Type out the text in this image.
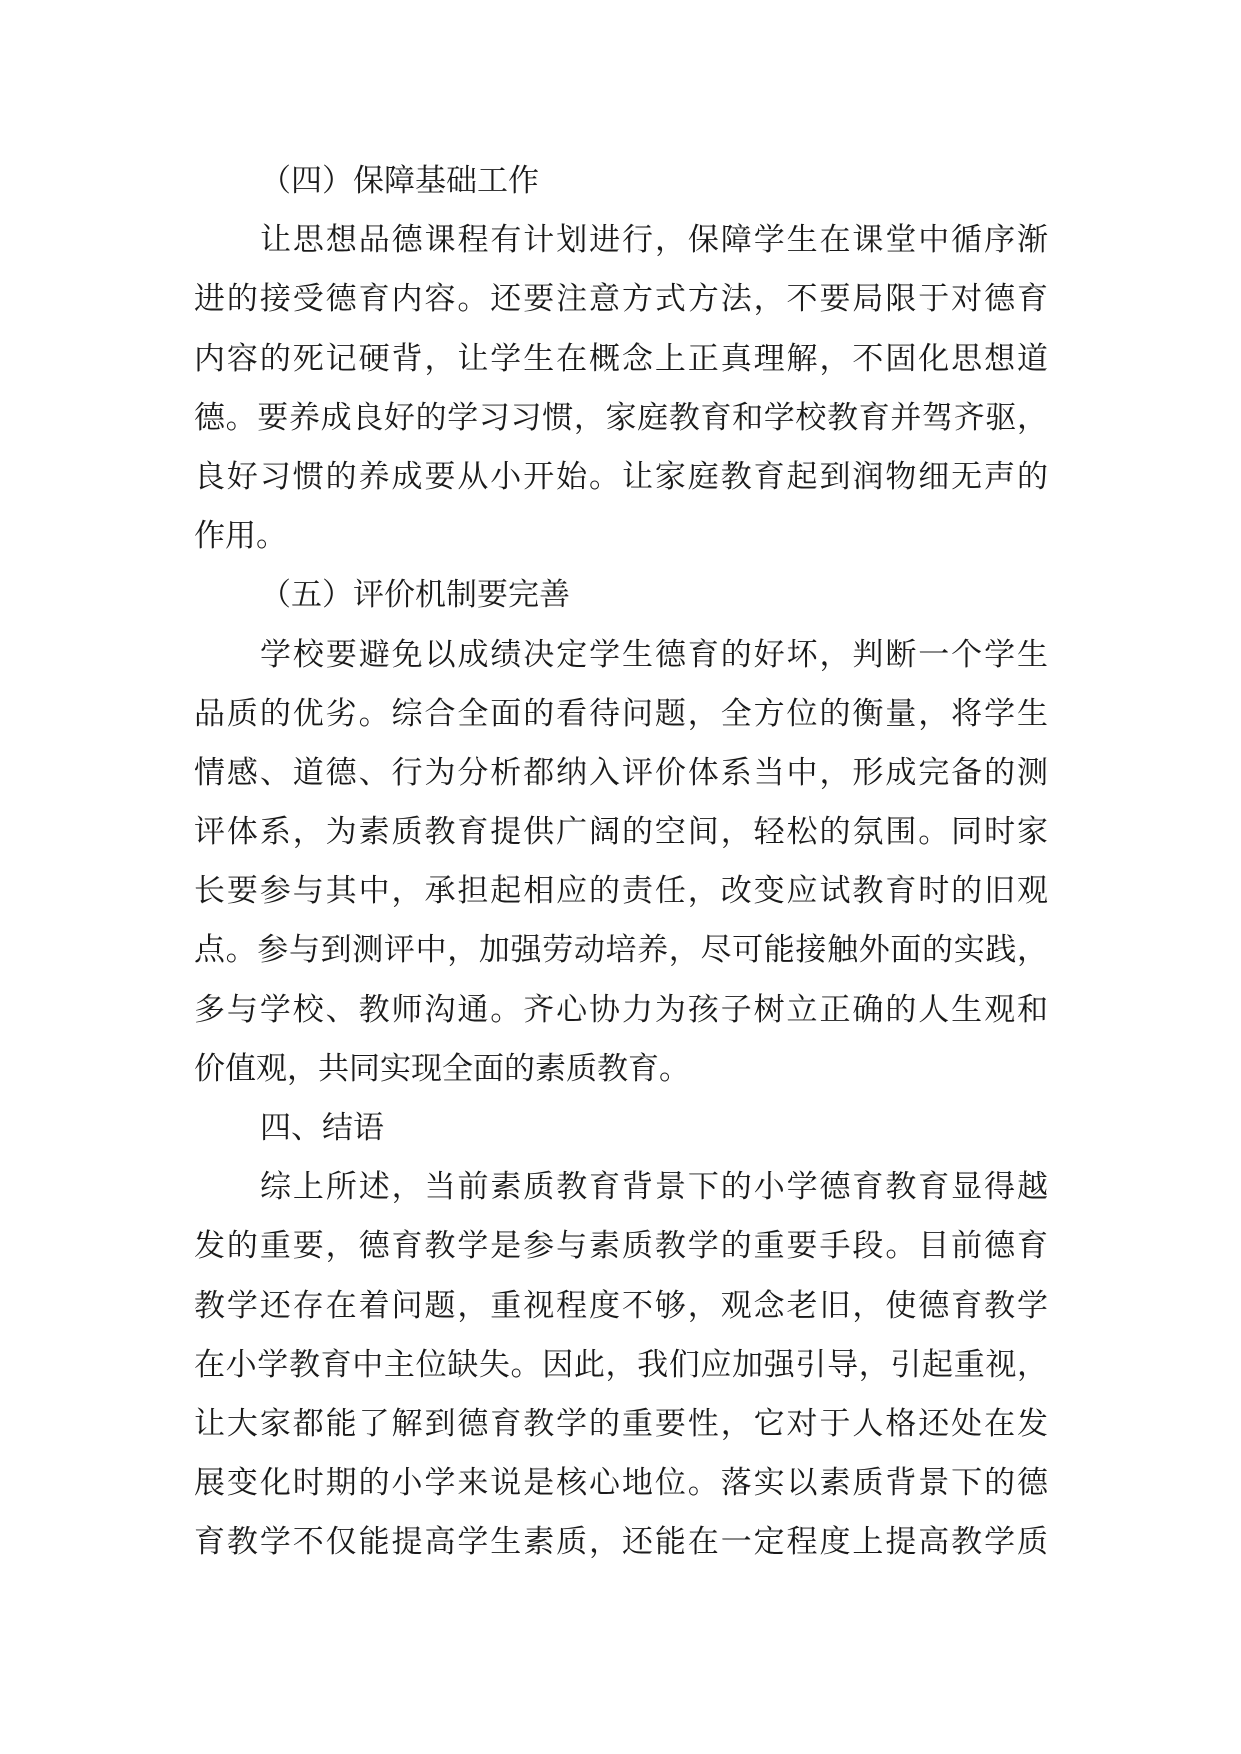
（四）保障基础工作
让思想品德课程有计划进行，保障学生在课堂中循序渐
进的接受德育内容。还要注意方式方法，不要局限于对德育
内容的死记硬背，让学生在概念上正真理解，不固化思想道
德。要养成良好的学习习惯，家庭教育和学校教育并驾齐驱，
良好习惯的养成要从小开始。让家庭教育起到润物细无声的
作用。
（五）评价机制要完善
学校要避免以成绩决定学生德育的好坏，判断一个学生
品质的优劣。综合全面的看待问题，全方位的衡量，将学生
情感、道德、行为分析都纳入评价体系当中，形成完备的测
评体系，为素质教育提供广阔的空间，轻松的氛围。同时家
长要参与其中，承担起相应的责任，改变应试教育时的旧观
点。参与到测评中，加强劳动培养，尽可能接触外面的实践，
多与学校、教师沟通。齐心协力为孩子树立正确的人生观和
价值观，共同实现全面的素质教育。
四、结语
综上所述，当前素质教育背景下的小学德育教育显得越
发的重要，德育教学是参与素质教学的重要手段。目前德育
教学还存在着问题，重视程度不够，观念老旧，使德育教学
在小学教育中主位缺失。因此，我们应加强引导，引起重视，
让大家都能了解到德育教学的重要性，它对于人格还处在发
展变化时期的小学来说是核心地位。落实以素质背景下的德
育教学不仅能提高学生素质，还能在一定程度上提高教学质
